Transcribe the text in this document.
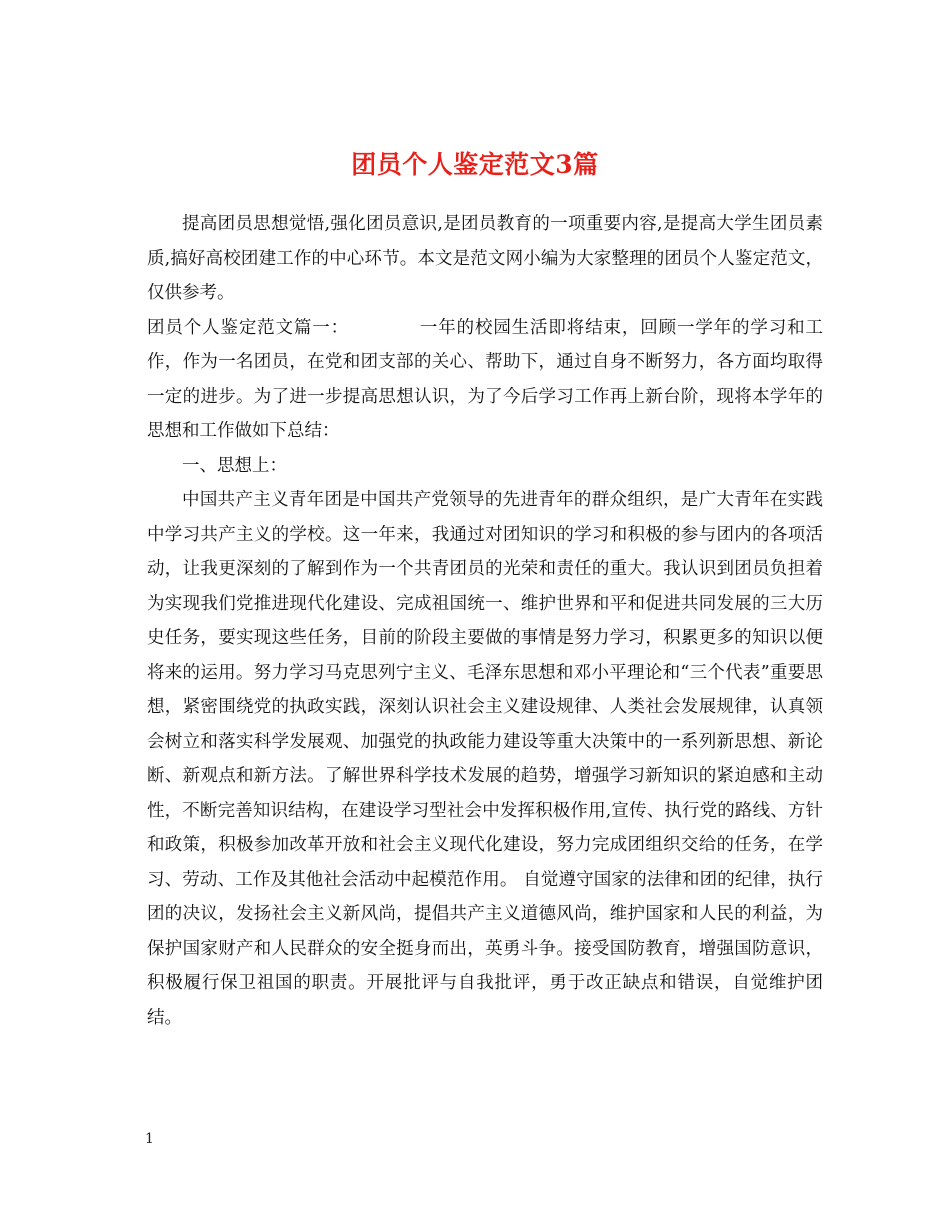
团员个人鉴定范文3篇

提高团员思想觉悟,强化团员意识,是团员教育的一项重要内容,是提高大学生团员素质,搞好高校团建工作的中心环节。本文是范文网小编为大家整理的团员个人鉴定范文，仅供参考。

团员个人鉴定范文篇一：	一年的校园生活即将结束，回顾一学年的学习和工作，作为一名团员，在党和团支部的关心、帮助下，通过自身不断努力，各方面均取得一定的进步。为了进一步提高思想认识，为了今后学习工作再上新台阶，现将本学年的思想和工作做如下总结：

一、思想上：

中国共产主义青年团是中国共产党领导的先进青年的群众组织，是广大青年在实践中学习共产主义的学校。这一年来，我通过对团知识的学习和积极的参与团内的各项活动，让我更深刻的了解到作为一个共青团员的光荣和责任的重大。我认识到团员负担着为实现我们党推进现代化建设、完成祖国统一、维护世界和平和促进共同发展的三大历史任务，要实现这些任务，目前的阶段主要做的事情是努力学习，积累更多的知识以便将来的运用。努力学习马克思列宁主义、毛泽东思想和邓小平理论和“三个代表”重要思想，紧密围绕党的执政实践，深刻认识社会主义建设规律、人类社会发展规律，认真领会树立和落实科学发展观、加强党的执政能力建设等重大决策中的一系列新思想、新论断、新观点和新方法。了解世界科学技术发展的趋势，增强学习新知识的紧迫感和主动性，不断完善知识结构，在建设学习型社会中发挥积极作用,宣传、执行党的路线、方针和政策，积极参加改革开放和社会主义现代化建设，努力完成团组织交给的任务，在学习、劳动、工作及其他社会活动中起模范作用。 自觉遵守国家的法律和团的纪律，执行团的决议，发扬社会主义新风尚，提倡共产主义道德风尚，维护国家和人民的利益，为保护国家财产和人民群众的安全挺身而出，英勇斗争。接受国防教育，增强国防意识，积极履行保卫祖国的职责。开展批评与自我批评，勇于改正缺点和错误，自觉维护团结。

1
